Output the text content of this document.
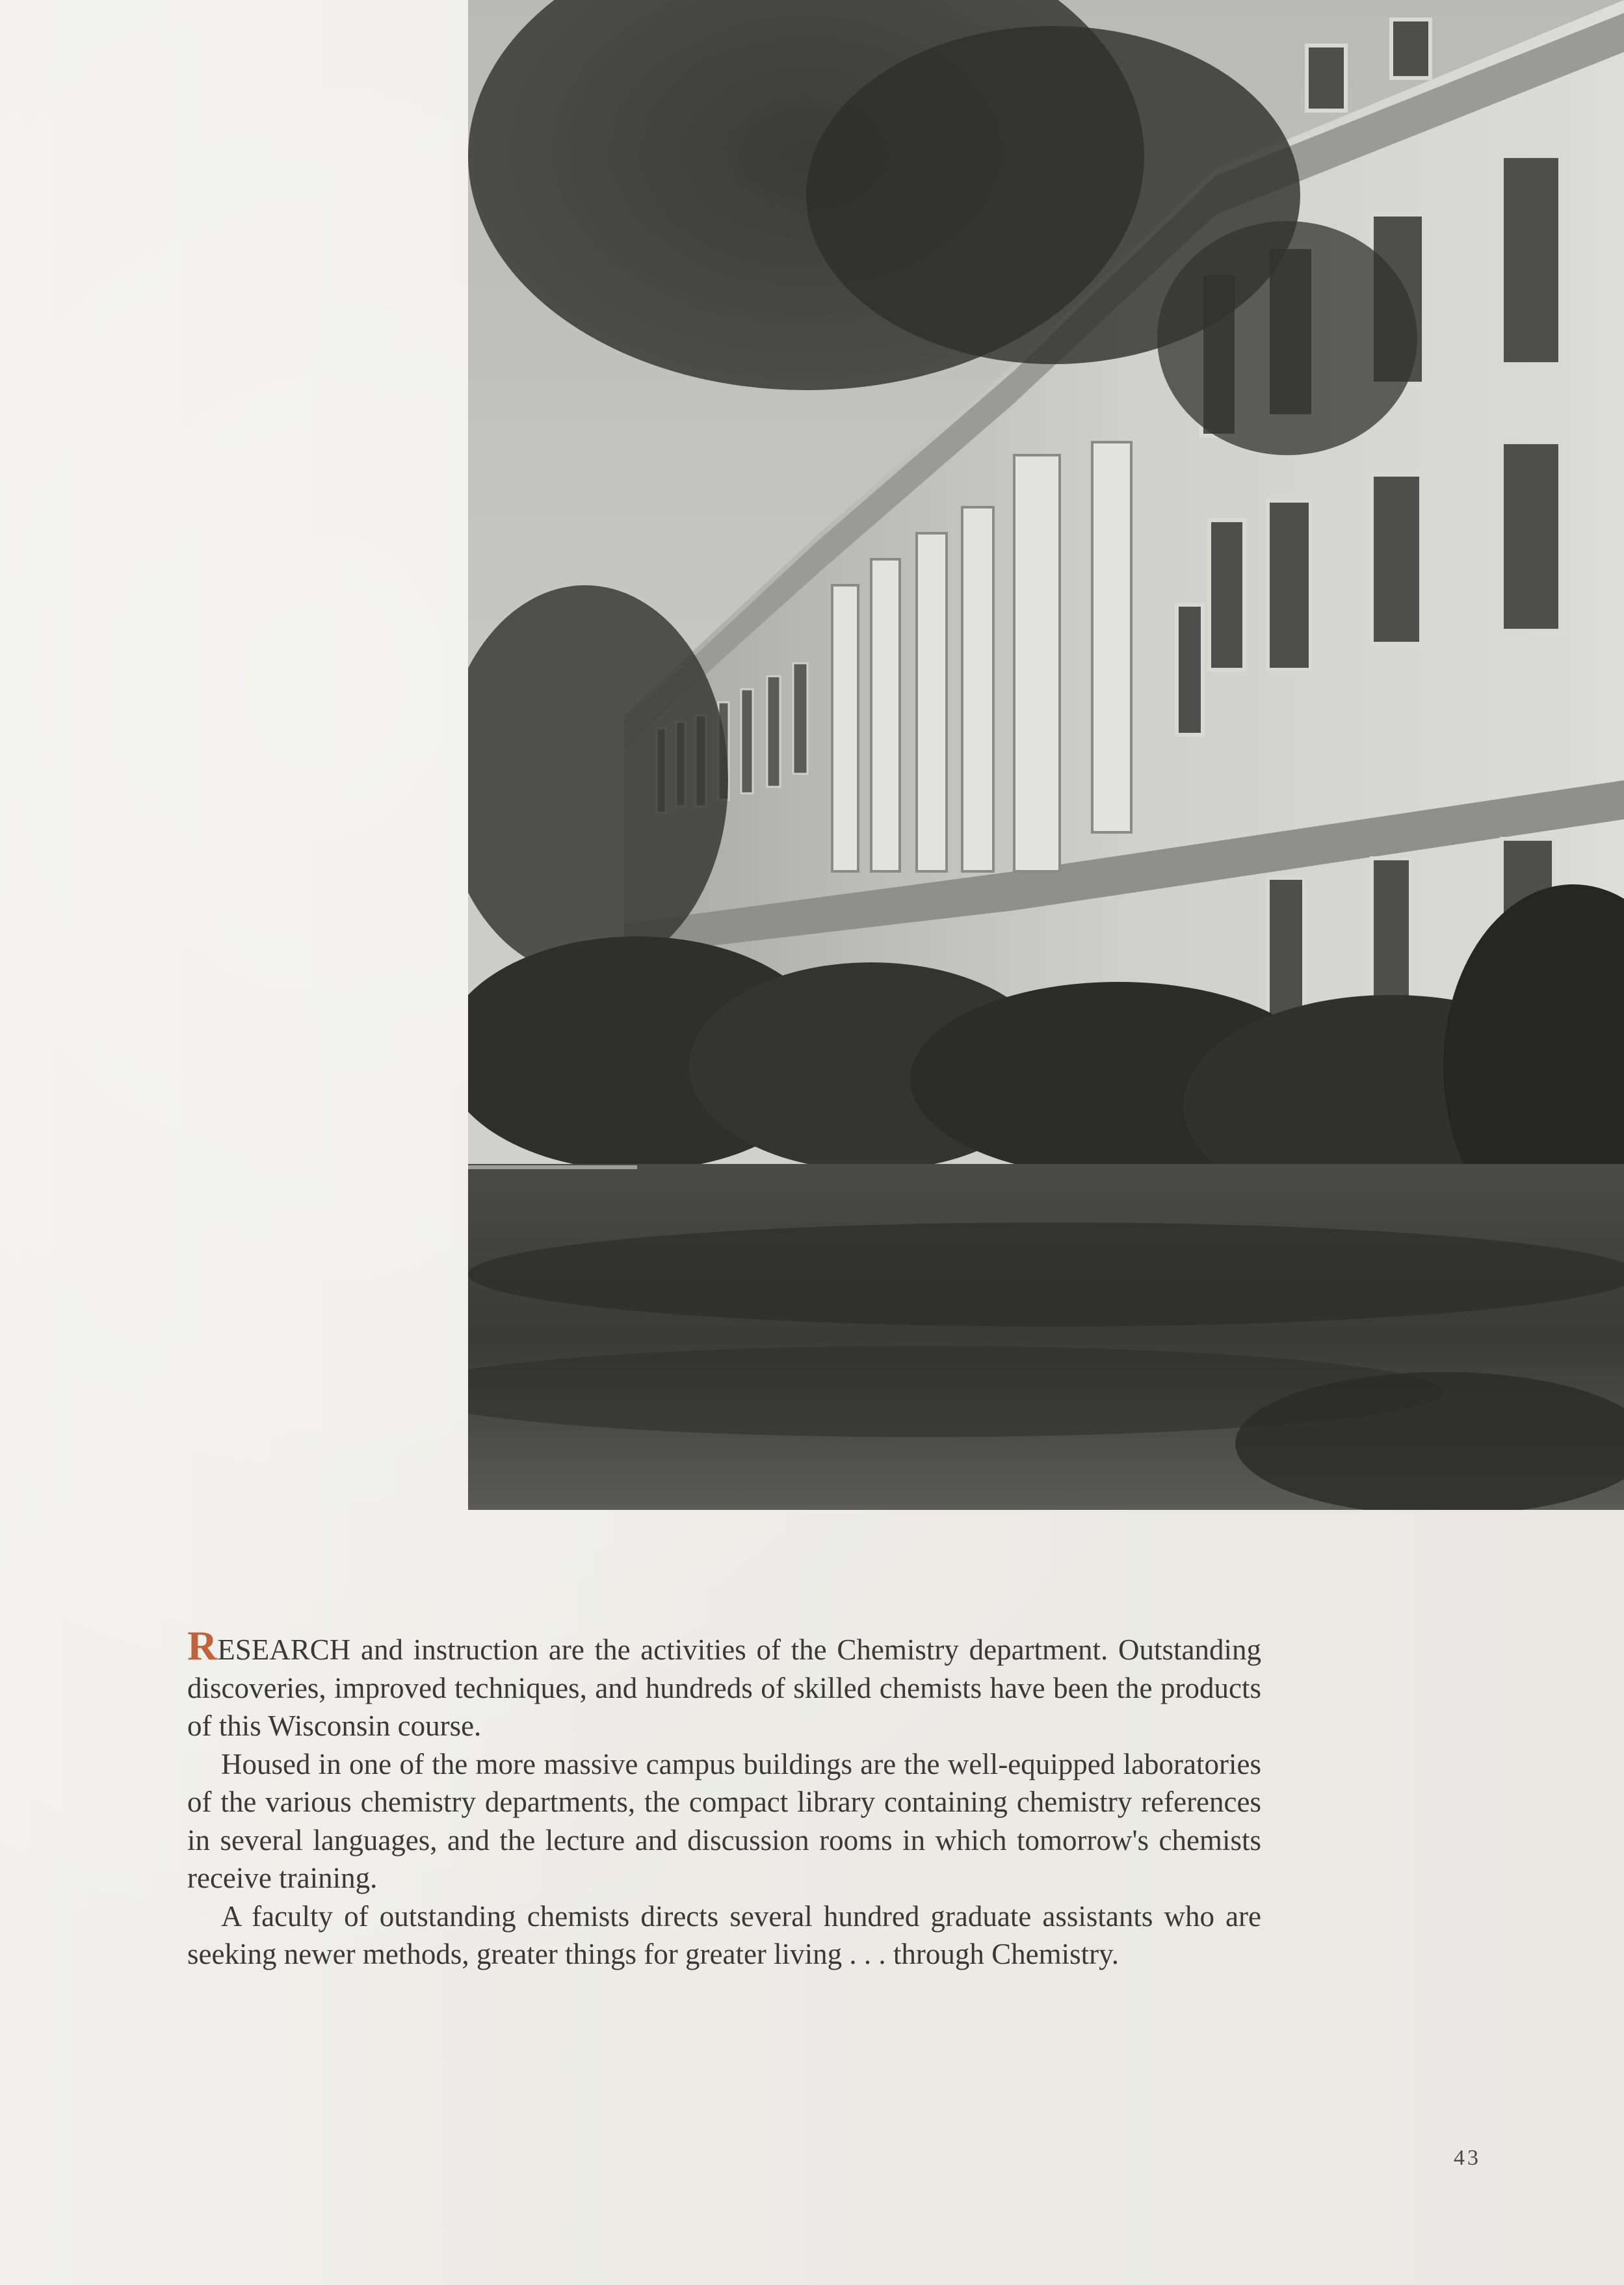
RESEARCH and instruction are the activities of the Chemistry department. Outstanding discoveries, improved techniques, and hundreds of skilled chemists have been the products of this Wisconsin course.

Housed in one of the more massive campus buildings are the well-equipped laboratories of the various chemistry departments, the compact library containing chemistry references in several languages, and the lecture and discussion rooms in which tomorrow's chemists receive training.

A faculty of outstanding chemists directs several hundred graduate assistants who are seeking newer methods, greater things for greater living . . . through Chemistry.

43
